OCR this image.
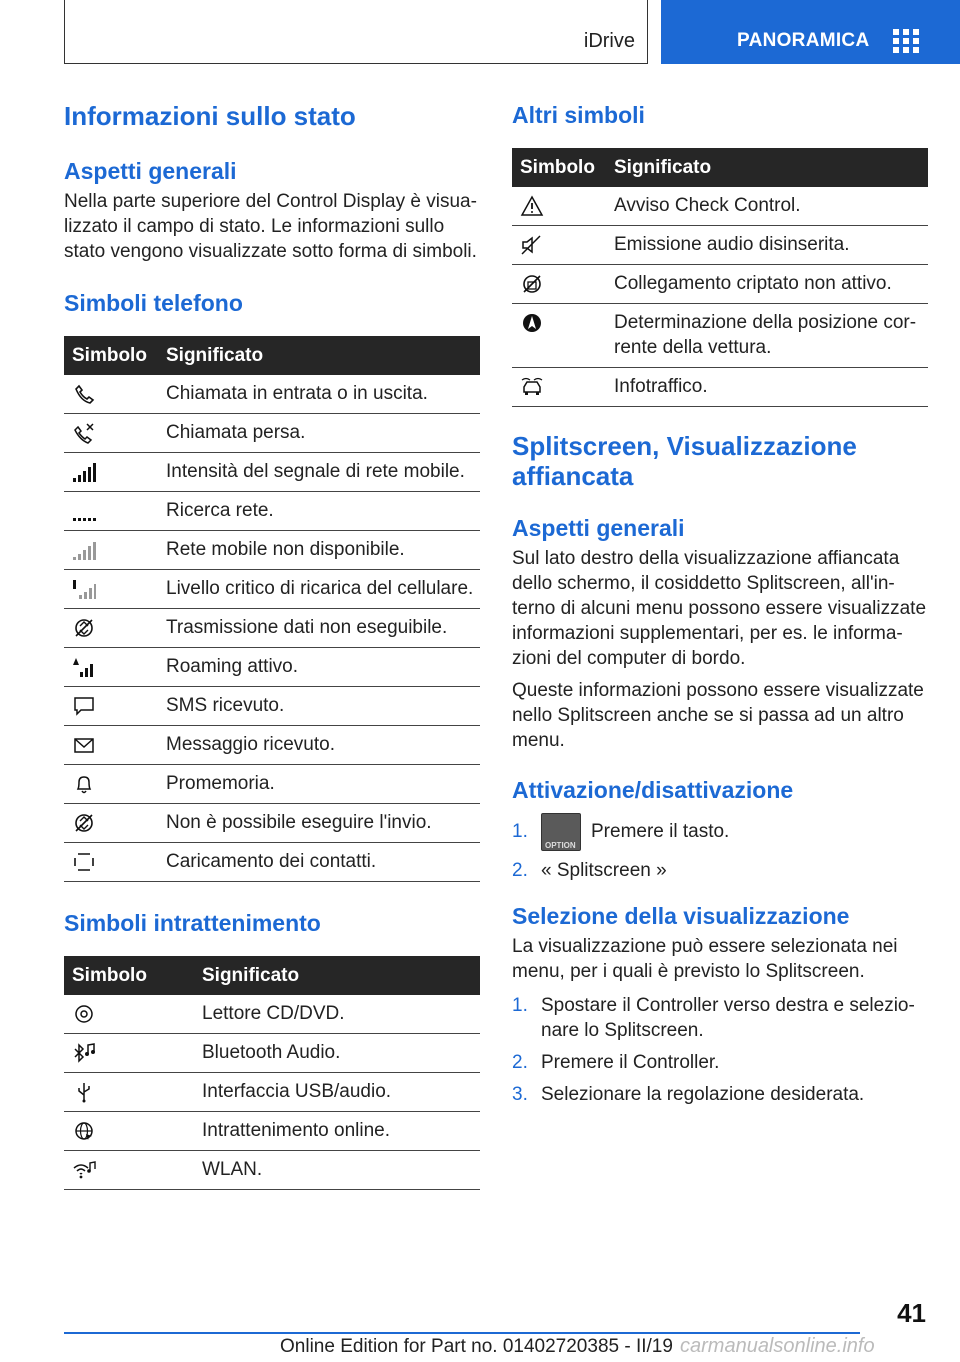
iDrive	PANORAMICA
Informazioni sullo stato
Aspetti generali

Nella parte superiore del Control Display è visualizzato il campo di stato. Le informazioni sullo stato vengono visualizzate sotto forma di simboli.

Simboli telefono
Simbolo	Significato
	Chiamata in entrata o in uscita.
	Chiamata persa.
	Intensità del segnale di rete mobile.
	Ricerca rete.
	Rete mobile non disponibile.
	Livello critico di ricarica del cellulare.
	Trasmissione dati non eseguibile.
	Roaming attivo.
	SMS ricevuto.
	Messaggio ricevuto.
	Promemoria.
	Non è possibile eseguire l'invio.
	Caricamento dei contatti.
Simboli intrattenimento
Simbolo	Significato
	Lettore CD/DVD.
	Bluetooth Audio.
	Interfaccia USB/audio.
	Intrattenimento online.
	WLAN.
Altri simboli
Simbolo	Significato
	Avviso Check Control.
	Emissione audio disinserita.
	Collegamento criptato non attivo.
	Determinazione della posizione corrente della vettura.
	Infotraffico.
Splitscreen, Visualizzazione affiancata
Aspetti generali

Sul lato destro della visualizzazione affiancata dello schermo, il cosiddetto Splitscreen, all'interno di alcuni menu possono essere visualizzate informazioni supplementari, per es. le informazioni del computer di bordo.

Queste informazioni possono essere visualizzate nello Splitscreen anche se si passa ad un altro menu.

Attivazione/disattivazione
1.
OPTION
Premere il tasto.
2. « Splitscreen »
Selezione della visualizzazione

La visualizzazione può essere selezionata nei menu, per i quali è previsto lo Splitscreen.

1. Spostare il Controller verso destra e selezionare lo Splitscreen.
2. Premere il Controller.
3. Selezionare la regolazione desiderata.
41
Online Edition for Part no. 01402720385 - II/19 carmanualsonline.info
